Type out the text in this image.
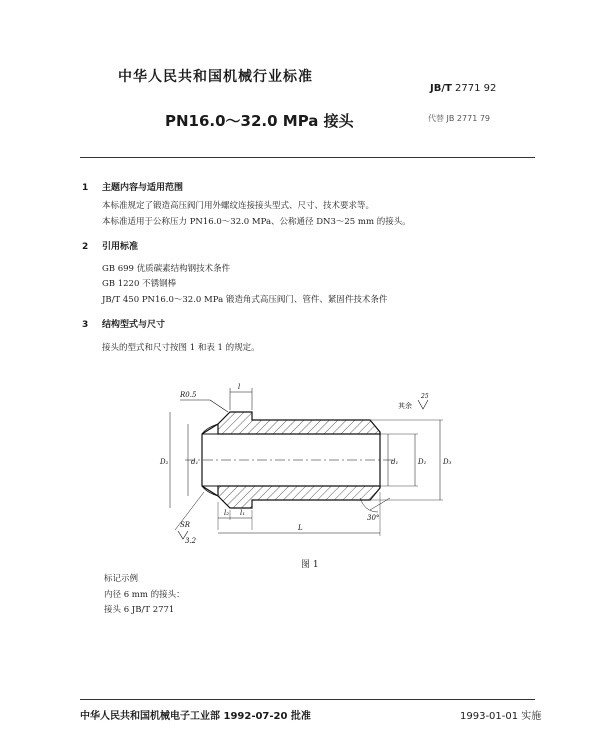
中华人民共和国机械行业标准
JB/T 2771 92
PN16.0～32.0 MPa 接头	代替 JB 2771 79
1 主题内容与适用范围
本标准规定了锻造高压阀门用外螺纹连接接头型式、尺寸、技术要求等。
本标准适用于公称压力 PN16.0～32.0 MPa、公称通径 DN3～25 mm 的接头。
2 引用标准
GB 699 优质碳素结构钢技术条件
GB 1220 不锈钢棒
JB/T 450 PN16.0～32.0 MPa 锻造角式高压阀门、管件、紧固件技术条件
3 结构型式与尺寸
接头的型式和尺寸按图 1 和表 1 的规定。
R0.5
l
D₂	d₁	D₁ D₃
d₁
其余
25
30°
SR
3.2
l₂ l₁
L
图 1
标记示例
内径 6 mm 的接头：
接头 6 JB/T 2771
中华人民共和国机械电子工业部 1992-07-20 批准	1993-01-01 实施
